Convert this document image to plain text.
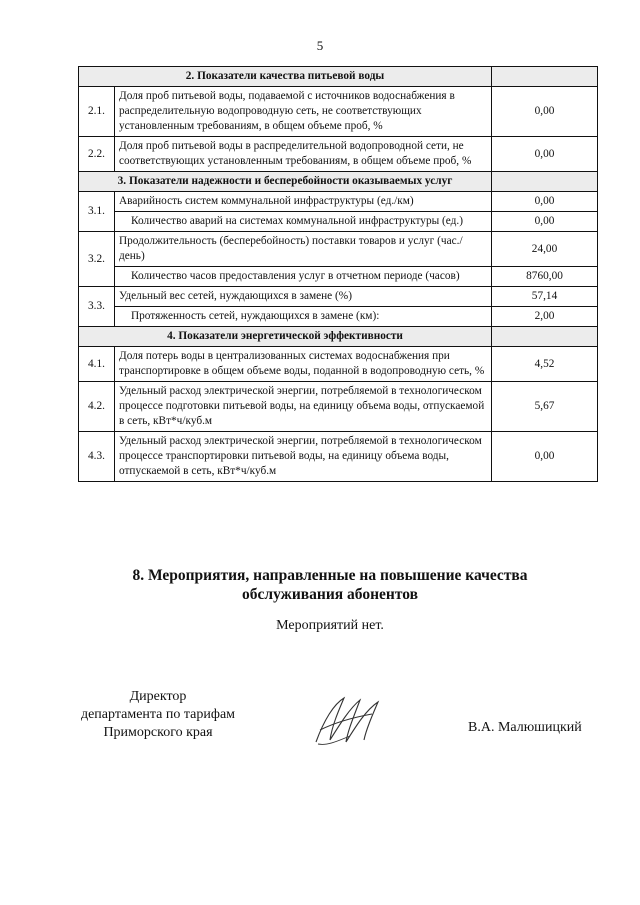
5
2. Показатели качества питьевой воды		
2.1.	Доля проб питьевой воды, подаваемой с источников водоснабжения в распределительную водопроводную сеть, не соответствующих установленным требованиям, в общем объеме проб, %	0,00
2.2.	Доля проб питьевой воды в распределительной водопроводной сети, не соответствующих установленным требованиям, в общем объеме проб, %	0,00
3. Показатели надежности и бесперебойности оказываемых услуг		
3.1.	Аварийность систем коммунальной инфраструктуры (ед./км)	0,00
	Количество аварий на системах коммунальной инфраструктуры (ед.)	0,00
3.2.	Продолжительность (бесперебойность) поставки товаров и услуг (час./день)	24,00
	Количество часов предоставления услуг в отчетном периоде (часов)	8760,00
3.3.	Удельный вес сетей, нуждающихся в замене (%)	57,14
	Протяженность сетей, нуждающихся в замене (км):	2,00
4. Показатели энергетической эффективности		
4.1.	Доля потерь воды в централизованных системах водоснабжения при транспортировке в общем объеме воды, поданной в водопроводную сеть, %	4,52
4.2.	Удельный расход электрической энергии, потребляемой в технологическом процессе подготовки питьевой воды, на единицу объема воды, отпускаемой в сеть, кВт*ч/куб.м	5,67
4.3.	Удельный расход электрической энергии, потребляемой в технологическом процессе транспортировки питьевой воды, на единицу объема воды, отпускаемой в сеть, кВт*ч/куб.м	0,00
8. Мероприятия, направленные на повышение качества
обслуживания абонентов
Мероприятий нет.
Директор
департамента по тарифам
Приморского края	В.А. Малюшицкий
